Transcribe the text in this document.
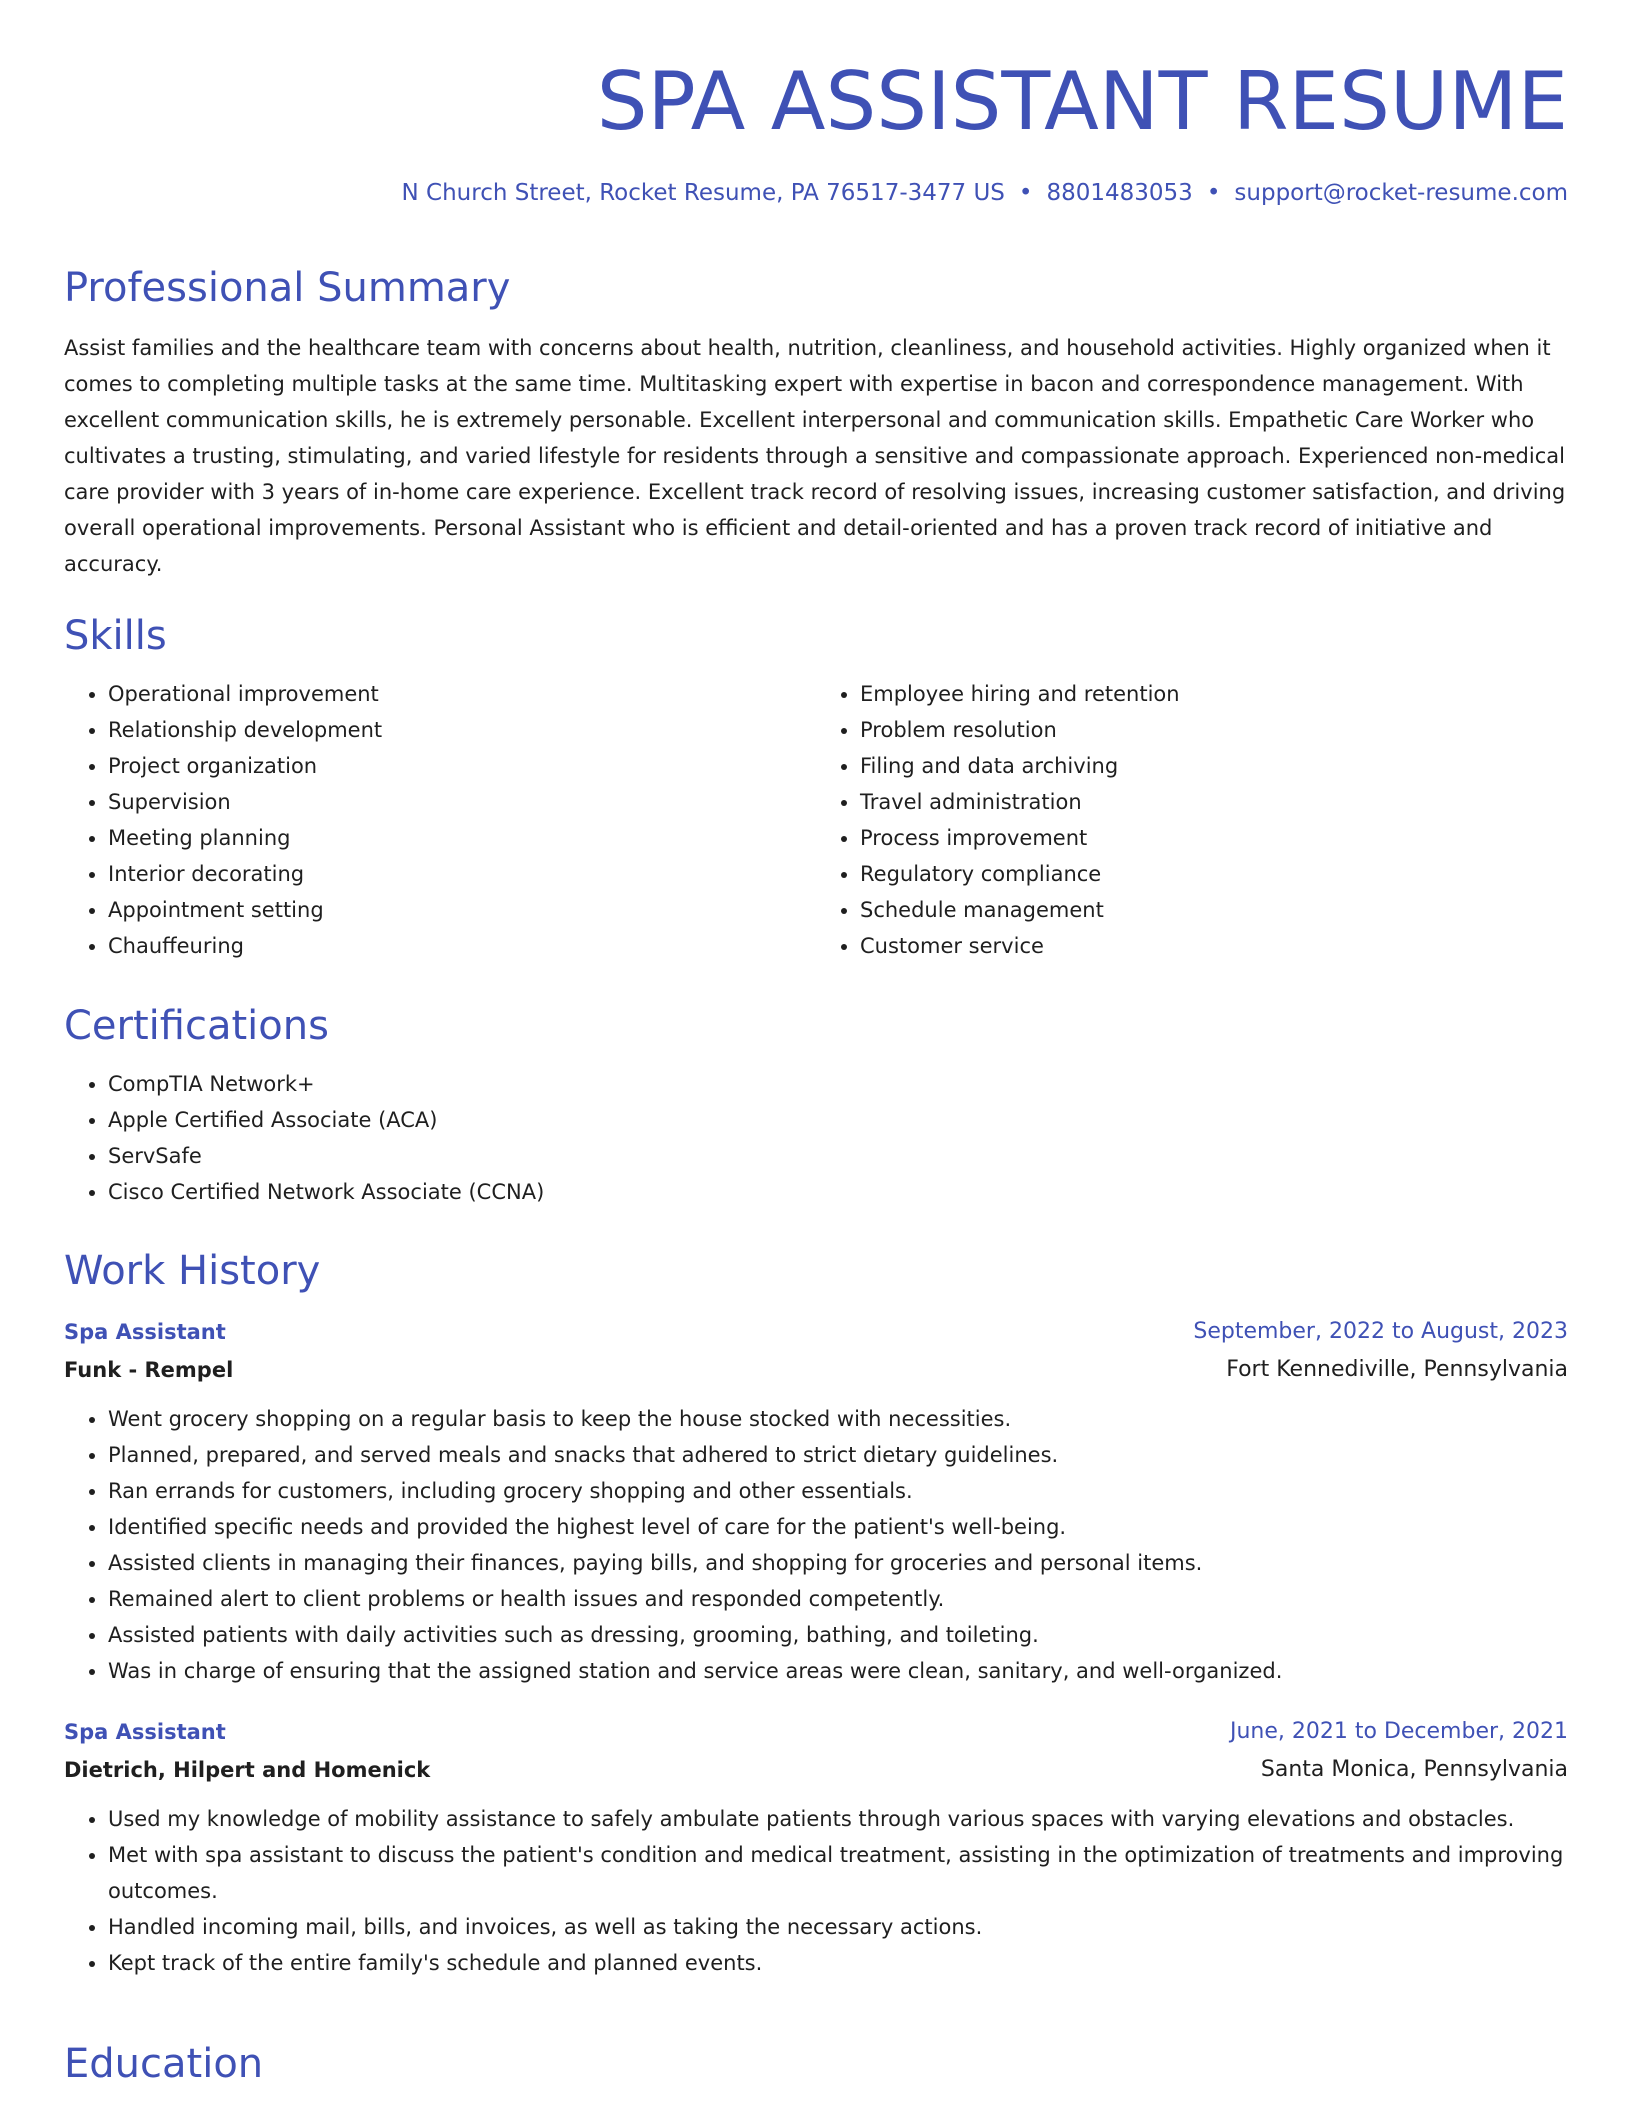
SPA ASSISTANT RESUME
N Church Street, Rocket Resume, PA 76517-3477 US • 8801483053 • support@rocket-resume.com
Professional Summary

Assist families and the healthcare team with concerns about health, nutrition, cleanliness, and household activities. Highly organized when it comes to completing multiple tasks at the same time. Multitasking expert with expertise in bacon and correspondence management. With excellent communication skills, he is extremely personable. Excellent interpersonal and communication skills. Empathetic Care Worker who cultivates a trusting, stimulating, and varied lifestyle for residents through a sensitive and compassionate approach. Experienced non-medical care provider with 3 years of in-home care experience. Excellent track record of resolving issues, increasing customer satisfaction, and driving overall operational improvements. Personal Assistant who is efficient and detail-oriented and has a proven track record of initiative and accuracy.

Skills
• Operational improvement
• Relationship development
• Project organization
• Supervision
• Meeting planning
• Interior decorating
• Appointment setting
• Chauffeuring
• Employee hiring and retention
• Problem resolution
• Filing and data archiving
• Travel administration
• Process improvement
• Regulatory compliance
• Schedule management
• Customer service
Certifications
• CompTIA Network+
• Apple Certified Associate (ACA)
• ServSafe
• Cisco Certified Network Associate (CCNA)
Work History
Spa Assistant	September, 2022 to August, 2023
Funk - Rempel	Fort Kennediville, Pennsylvania
• Went grocery shopping on a regular basis to keep the house stocked with necessities.
• Planned, prepared, and served meals and snacks that adhered to strict dietary guidelines.
• Ran errands for customers, including grocery shopping and other essentials.
• Identified specific needs and provided the highest level of care for the patient's well-being.
• Assisted clients in managing their finances, paying bills, and shopping for groceries and personal items.
• Remained alert to client problems or health issues and responded competently.
• Assisted patients with daily activities such as dressing, grooming, bathing, and toileting.
• Was in charge of ensuring that the assigned station and service areas were clean, sanitary, and well-organized.
Spa Assistant	June, 2021 to December, 2021
Dietrich, Hilpert and Homenick	Santa Monica, Pennsylvania
• Used my knowledge of mobility assistance to safely ambulate patients through various spaces with varying elevations and obstacles.
• Met with spa assistant to discuss the patient's condition and medical treatment, assisting in the optimization of treatments and improving outcomes.
• Handled incoming mail, bills, and invoices, as well as taking the necessary actions.
• Kept track of the entire family's schedule and planned events.
Education
